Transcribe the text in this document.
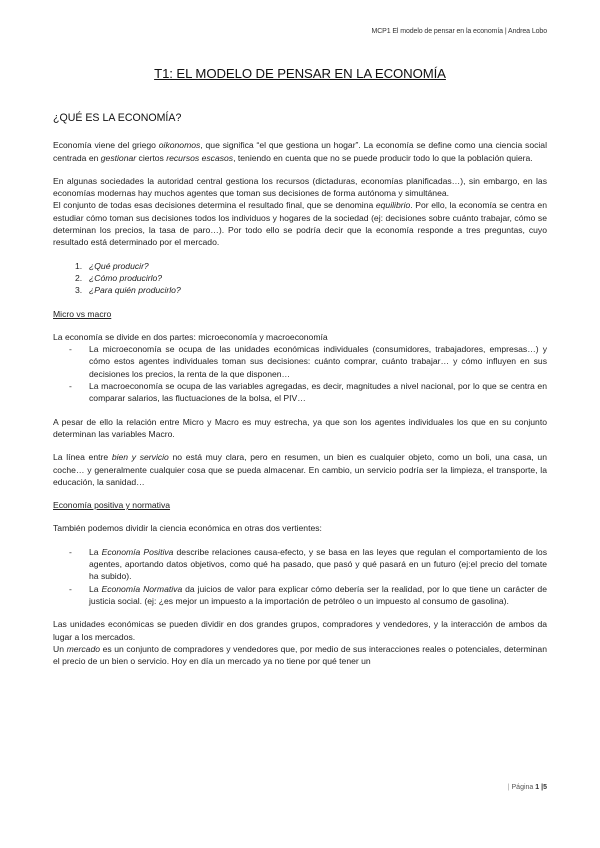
MCP1 El modelo de pensar en la economía | Andrea Lobo
T1: EL MODELO DE PENSAR EN LA ECONOMÍA
¿QUÉ ES LA ECONOMÍA?

Economía viene del griego oikonomos, que significa “el que gestiona un hogar”. La economía se define como una ciencia social centrada en gestionar ciertos recursos escasos, teniendo en cuenta que no se puede producir todo lo que la población quiera.

En algunas sociedades la autoridad central gestiona los recursos (dictaduras, economías planificadas…), sin embargo, en las economías modernas hay muchos agentes que toman sus decisiones de forma autónoma y simultánea.

El conjunto de todas esas decisiones determina el resultado final, que se denomina equilibrio. Por ello, la economía se centra en estudiar cómo toman sus decisiones todos los individuos y hogares de la sociedad (ej: decisiones sobre cuánto trabajar, cómo se determinan los precios, la tasa de paro…). Por todo ello se podría decir que la economía responde a tres preguntas, cuyo resultado está determinado por el mercado.

1. ¿Qué producir?
2. ¿Cómo producirlo?
3. ¿Para quién producirlo?

Micro vs macro

La economía se divide en dos partes: microeconomía y macroeconomía

- La microeconomía se ocupa de las unidades económicas individuales (consumidores, trabajadores, empresas…) y cómo estos agentes individuales toman sus decisiones: cuánto comprar, cuánto trabajar… y cómo influyen en sus decisiones los precios, la renta de la que disponen…
- La macroeconomía se ocupa de las variables agregadas, es decir, magnitudes a nivel nacional, por lo que se centra en comparar salarios, las fluctuaciones de la bolsa, el PIV…

A pesar de ello la relación entre Micro y Macro es muy estrecha, ya que son los agentes individuales los que en su conjunto determinan las variables Macro.

La línea entre bien y servicio no está muy clara, pero en resumen, un bien es cualquier objeto, como un boli, una casa, un coche… y generalmente cualquier cosa que se pueda almacenar. En cambio, un servicio podría ser la limpieza, el transporte, la educación, la sanidad…

Economía positiva y normativa

También podemos dividir la ciencia económica en otras dos vertientes:

- La Economía Positiva describe relaciones causa-efecto, y se basa en las leyes que regulan el comportamiento de los agentes, aportando datos objetivos, como qué ha pasado, que pasó y qué pasará en un futuro (ej:el precio del tomate ha subido).
- La Economía Normativa da juicios de valor para explicar cómo debería ser la realidad, por lo que tiene un carácter de justicia social. (ej: ¿es mejor un impuesto a la importación de petróleo o un impuesto al consumo de gasolina).

Las unidades económicas se pueden dividir en dos grandes grupos, compradores y vendedores, y la interacción de ambos da lugar a los mercados.

Un mercado es un conjunto de compradores y vendedores que, por medio de sus interacciones reales o potenciales, determinan el precio de un bien o servicio. Hoy en día un mercado ya no tiene por qué tener un

| Página 1 |5
